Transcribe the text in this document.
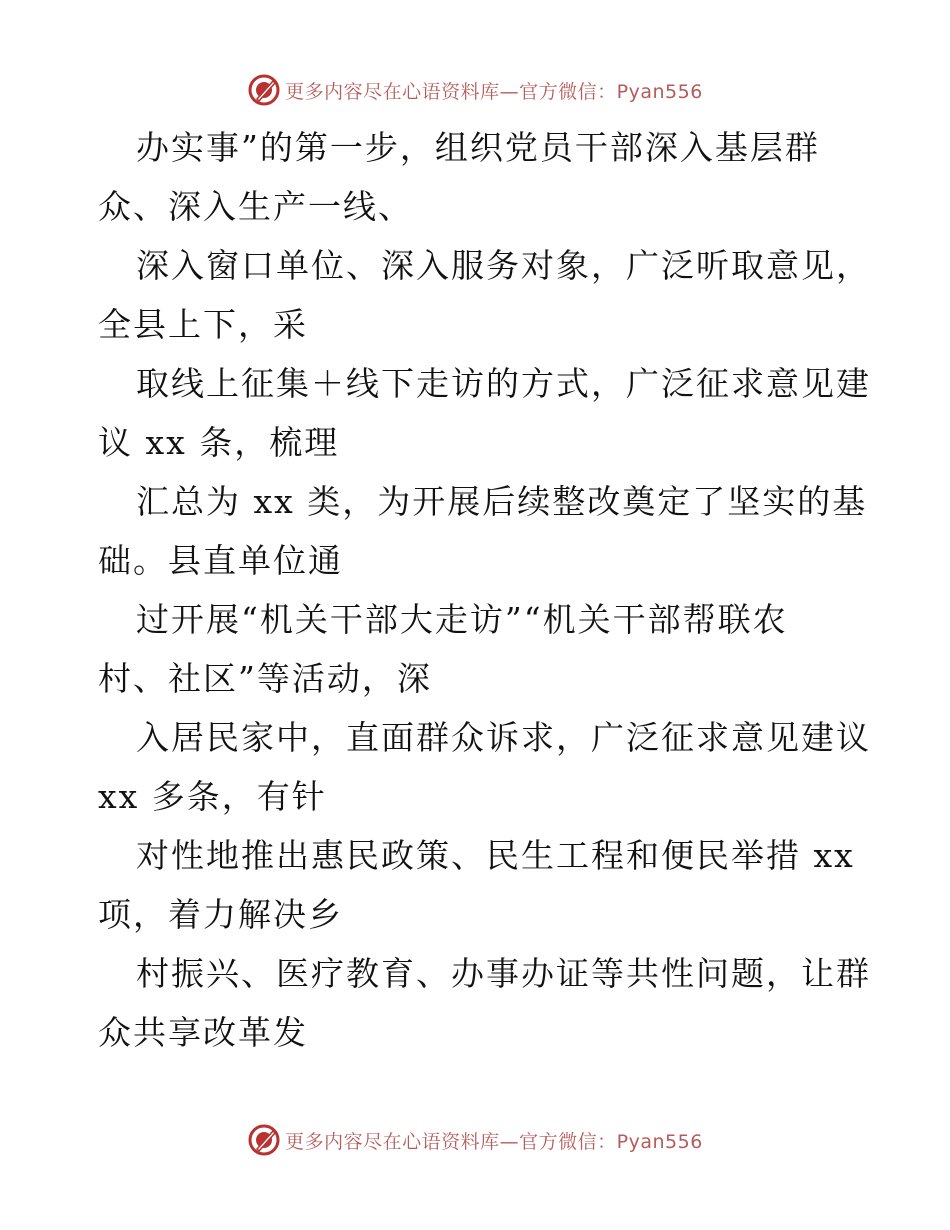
更多内容尽在心语资料库—官方微信：Pyan556
办实事”的第一步，组织党员干部深入基层群
众、深入生产一线、
深入窗口单位、深入服务对象，广泛听取意见，
全县上下，采
取线上征集＋线下走访的方式，广泛征求意见建
议 xx 条，梳理
汇总为 xx 类，为开展后续整改奠定了坚实的基
础。县直单位通
过开展“机关干部大走访”“机关干部帮联农
村、社区”等活动，深
入居民家中，直面群众诉求，广泛征求意见建议
xx 多条，有针
对性地推出惠民政策、民生工程和便民举措 xx
项，着力解决乡
村振兴、医疗教育、办事办证等共性问题，让群
众共享改革发
更多内容尽在心语资料库—官方微信：Pyan556
